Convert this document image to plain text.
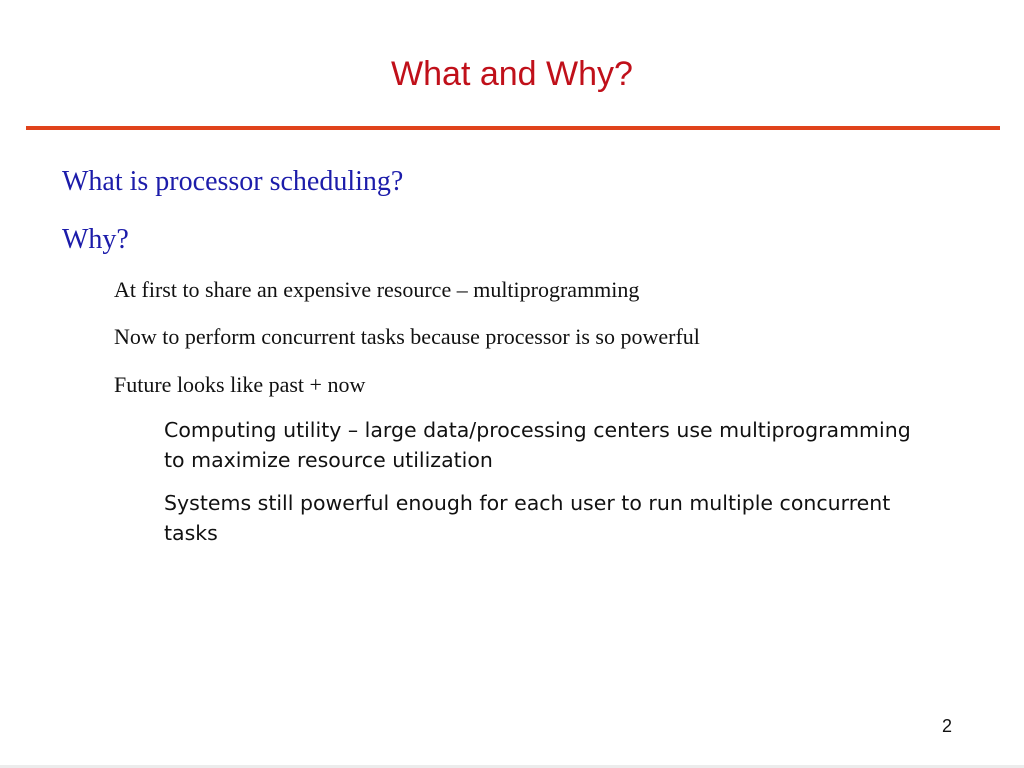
What and Why?
What is processor scheduling?
Why?
At first to share an expensive resource – multiprogramming
Now to perform concurrent tasks because processor is so powerful
Future looks like past + now
Computing utility – large data/processing centers use multiprogramming to maximize resource utilization
Systems still powerful enough for each user to run multiple concurrent tasks
2
